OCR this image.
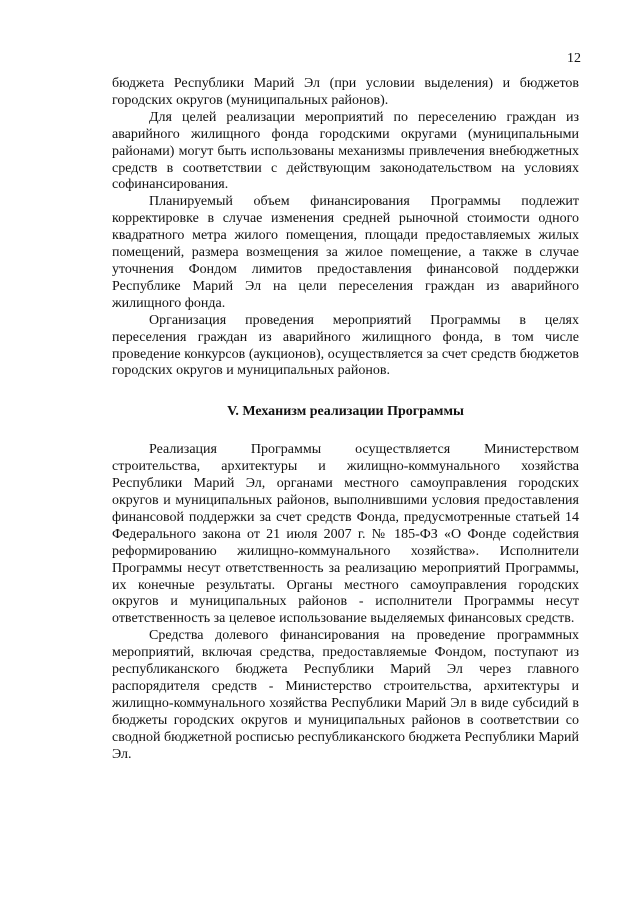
12

бюджета Республики Марий Эл (при условии выделения) и бюджетов городских округов (муниципальных районов).

Для целей реализации мероприятий по переселению граждан из аварийного жилищного фонда городскими округами (муниципальными районами) могут быть использованы механизмы привлечения внебюджетных средств в соответствии с действующим законодательством на условиях софинансирования.

Планируемый объем финансирования Программы подлежит корректировке в случае изменения средней рыночной стоимости одного квадратного метра жилого помещения, площади предоставляемых жилых помещений, размера возмещения за жилое помещение, а также в случае уточнения Фондом лимитов предоставления финансовой поддержки Республике Марий Эл на цели переселения граждан из аварийного жилищного фонда.

Организация проведения мероприятий Программы в целях переселения граждан из аварийного жилищного фонда, в том числе проведение конкурсов (аукционов), осуществляется за счет средств бюджетов городских округов и муниципальных районов.

V. Механизм реализации Программы

Реализация Программы осуществляется Министерством строительства, архитектуры и жилищно-коммунального хозяйства Республики Марий Эл, органами местного самоуправления городских округов и муниципальных районов, выполнившими условия предоставления финансовой поддержки за счет средств Фонда, предусмотренные статьей 14 Федерального закона от 21 июля 2007 г. № 185-ФЗ «О Фонде содействия реформированию жилищно-коммунального хозяйства». Исполнители Программы несут ответственность за реализацию мероприятий Программы, их конечные результаты. Органы местного самоуправления городских округов и муниципальных районов - исполнители Программы несут ответственность за целевое использование выделяемых финансовых средств.

Средства долевого финансирования на проведение программных мероприятий, включая средства, предоставляемые Фондом, поступают из республиканского бюджета Республики Марий Эл через главного распорядителя средств - Министерство строительства, архитектуры и жилищно-коммунального хозяйства Республики Марий Эл в виде субсидий в бюджеты городских округов и муниципальных районов в соответствии со сводной бюджетной росписью республиканского бюджета Республики Марий Эл.
